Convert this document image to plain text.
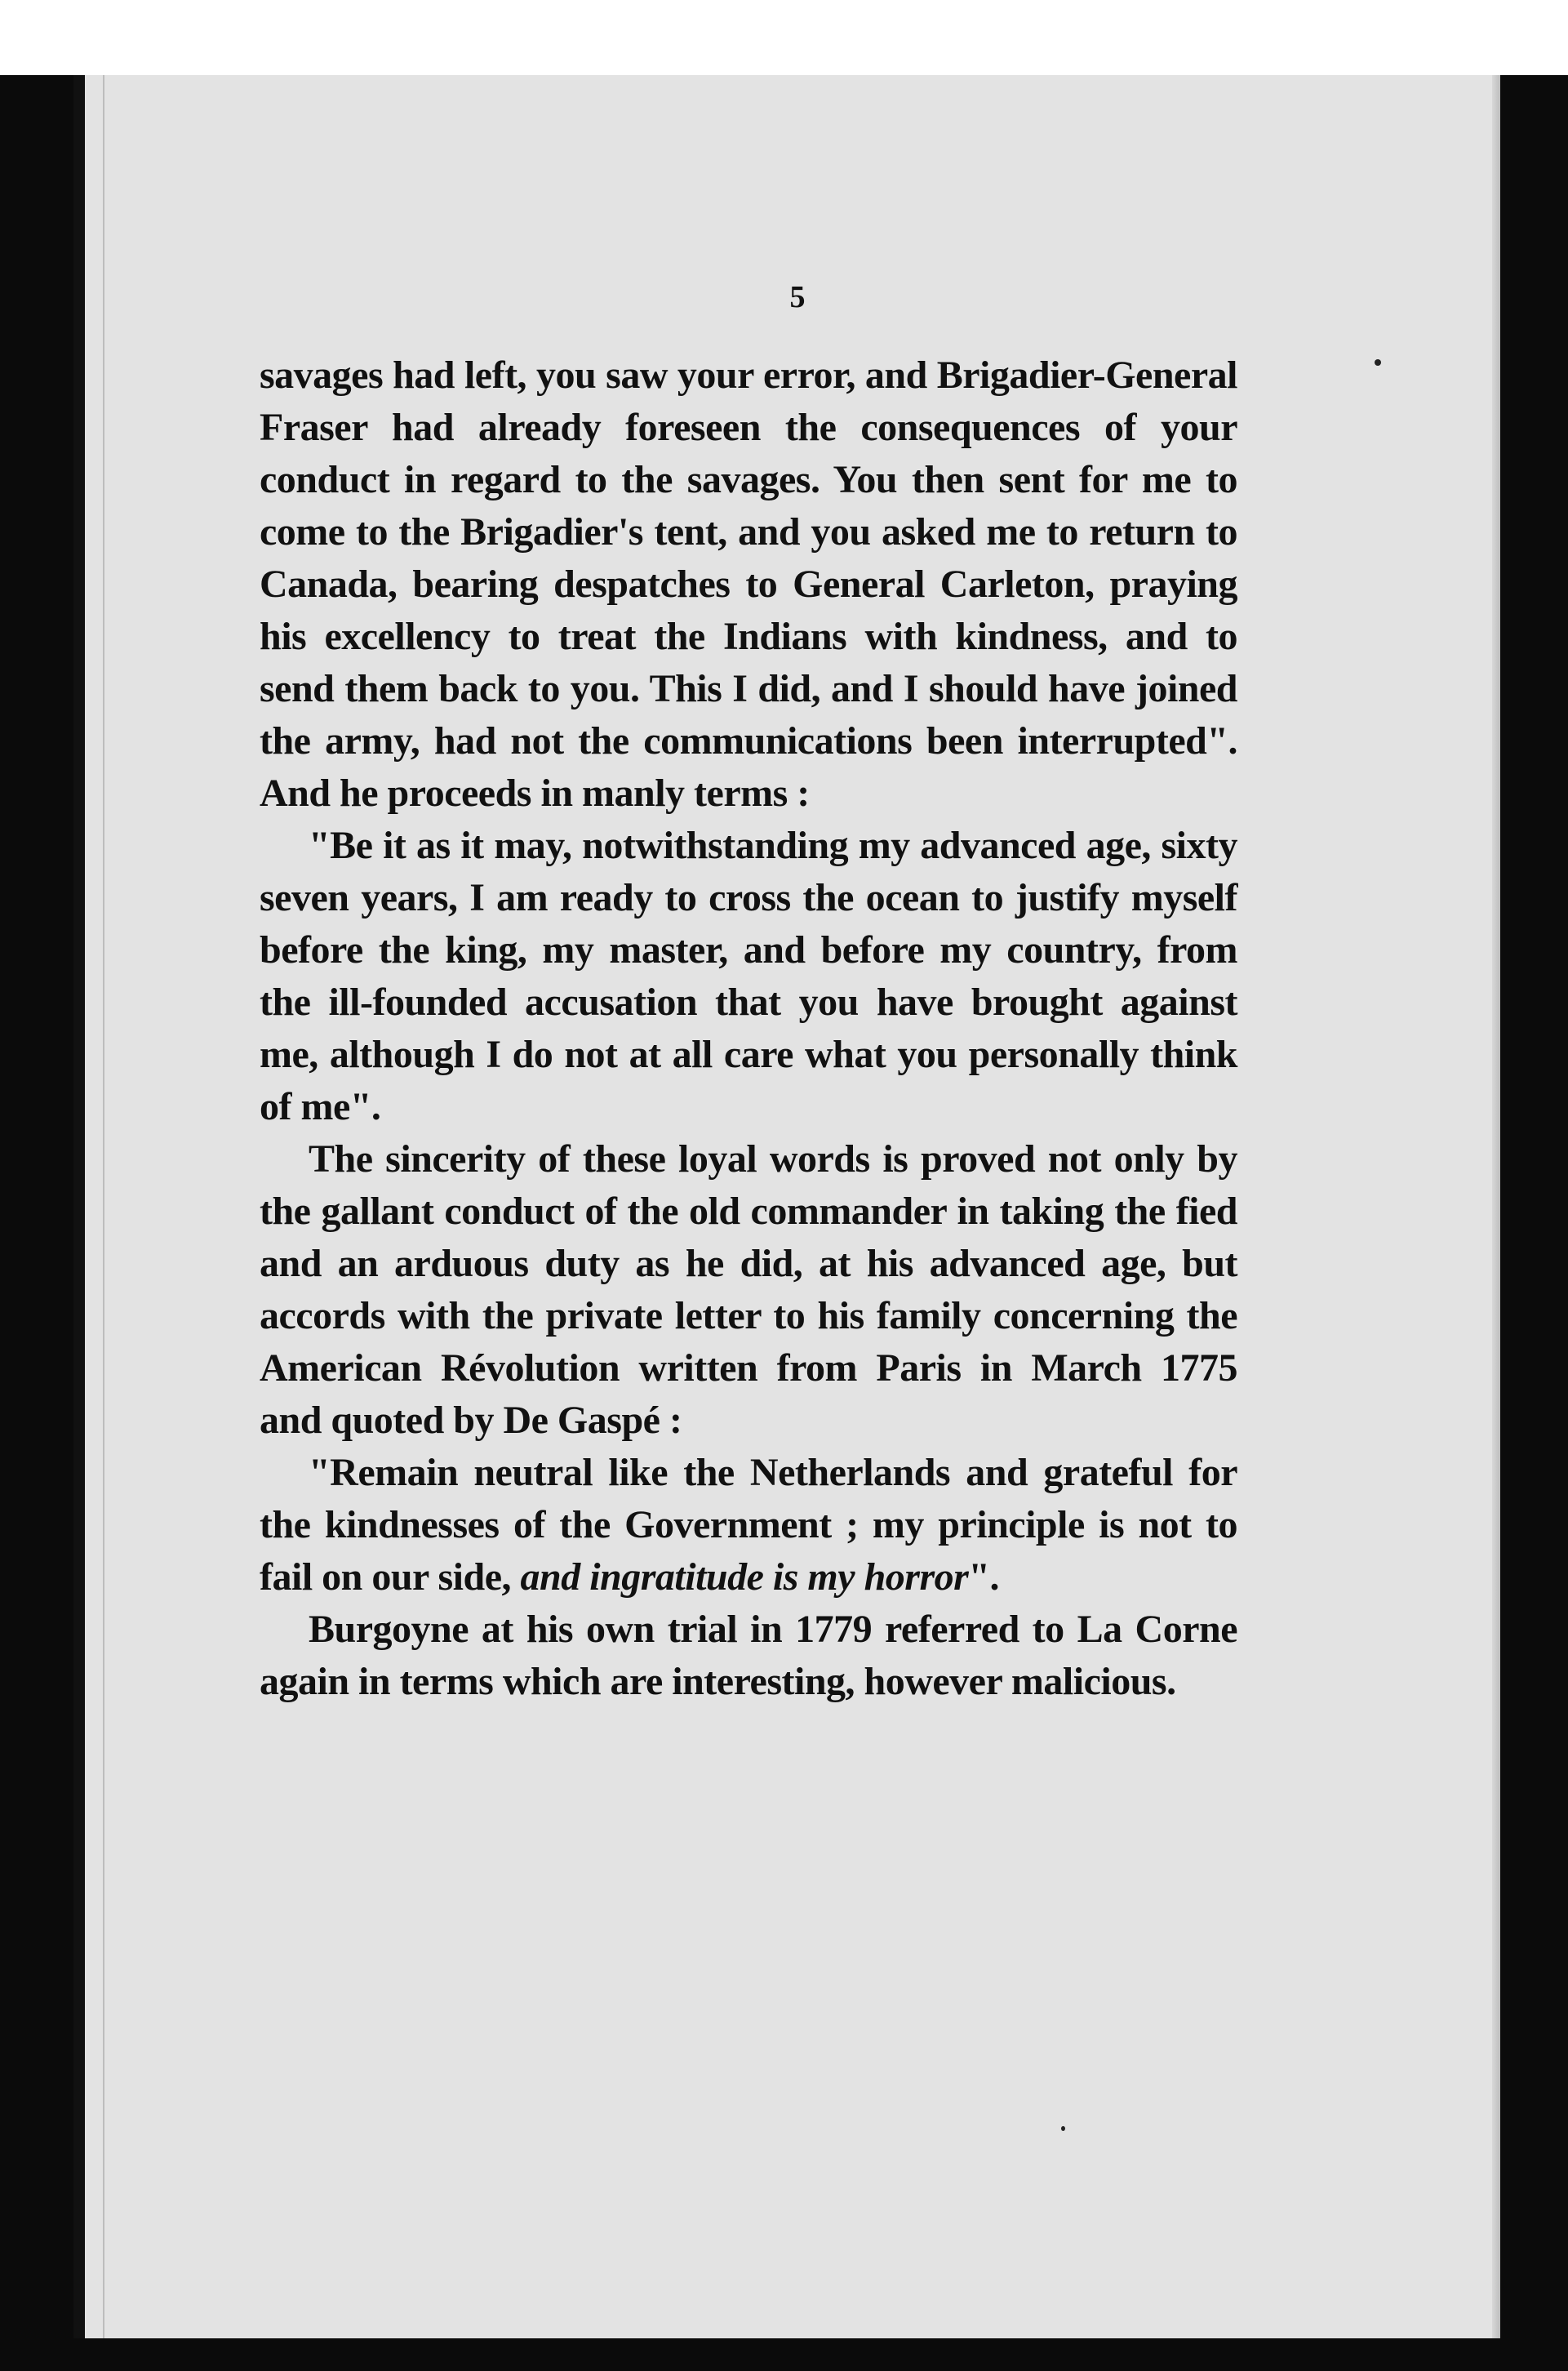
5

savages had left, you saw your error, and Brigadier-General Fraser had already foreseen the consequences of your conduct in regard to the savages. You then sent for me to come to the Brigadier's tent, and you asked me to return to Canada, bearing despatches to General Carleton, praying his excellency to treat the Indians with kindness, and to send them back to you. This I did, and I should have joined the army, had not the communications been interrupted". And he proceeds in manly terms :

"Be it as it may, notwithstanding my advanced age, sixty seven years, I am ready to cross the ocean to justify myself before the king, my master, and before my country, from the ill-founded accusation that you have brought against me, although I do not at all care what you personally think of me".

The sincerity of these loyal words is proved not only by the gallant conduct of the old commander in taking the fied and an arduous duty as he did, at his advanced age, but accords with the private letter to his family concerning the American Révolution written from Paris in March 1775 and quoted by De Gaspé :

"Remain neutral like the Netherlands and grateful for the kindnesses of the Government ; my principle is not to fail on our side, and ingratitude is my horror".

Burgoyne at his own trial in 1779 referred to La Corne again in terms which are interesting, however malicious.
